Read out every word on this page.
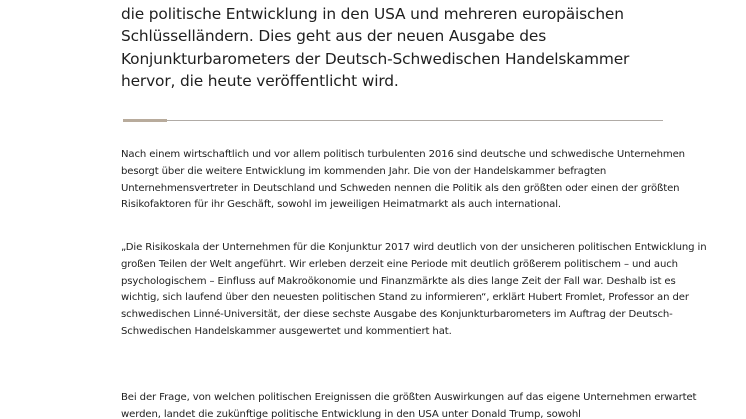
die politische Entwicklung in den USA und mehreren europäischen Schlüsselländern. Dies geht aus der neuen Ausgabe des Konjunkturbarometers der Deutsch-Schwedischen Handelskammer hervor, die heute veröffentlicht wird.

Nach einem wirtschaftlich und vor allem politisch turbulenten 2016 sind deutsche und schwedische Unternehmen besorgt über die weitere Entwicklung im kommenden Jahr. Die von der Handelskammer befragten Unternehmensvertreter in Deutschland und Schweden nennen die Politik als den größten oder einen der größten Risikofaktoren für ihr Geschäft, sowohl im jeweiligen Heimatmarkt als auch international.

„Die Risikoskala der Unternehmen für die Konjunktur 2017 wird deutlich von der unsicheren politischen Entwicklung in großen Teilen der Welt angeführt. Wir erleben derzeit eine Periode mit deutlich größerem politischem – und auch psychologischem – Einfluss auf Makroökonomie und Finanzmärkte als dies lange Zeit der Fall war. Deshalb ist es wichtig, sich laufend über den neuesten politischen Stand zu informieren“, erklärt Hubert Fromlet, Professor an der schwedischen Linné-Universität, der diese sechste Ausgabe des Konjunkturbarometers im Auftrag der Deutsch-Schwedischen Handelskammer ausgewertet und kommentiert hat.

Bei der Frage, von welchen politischen Ereignissen die größten Auswirkungen auf das eigene Unternehmen erwartet werden, landet die zukünftige politische Entwicklung in den USA unter Donald Trump, sowohl
